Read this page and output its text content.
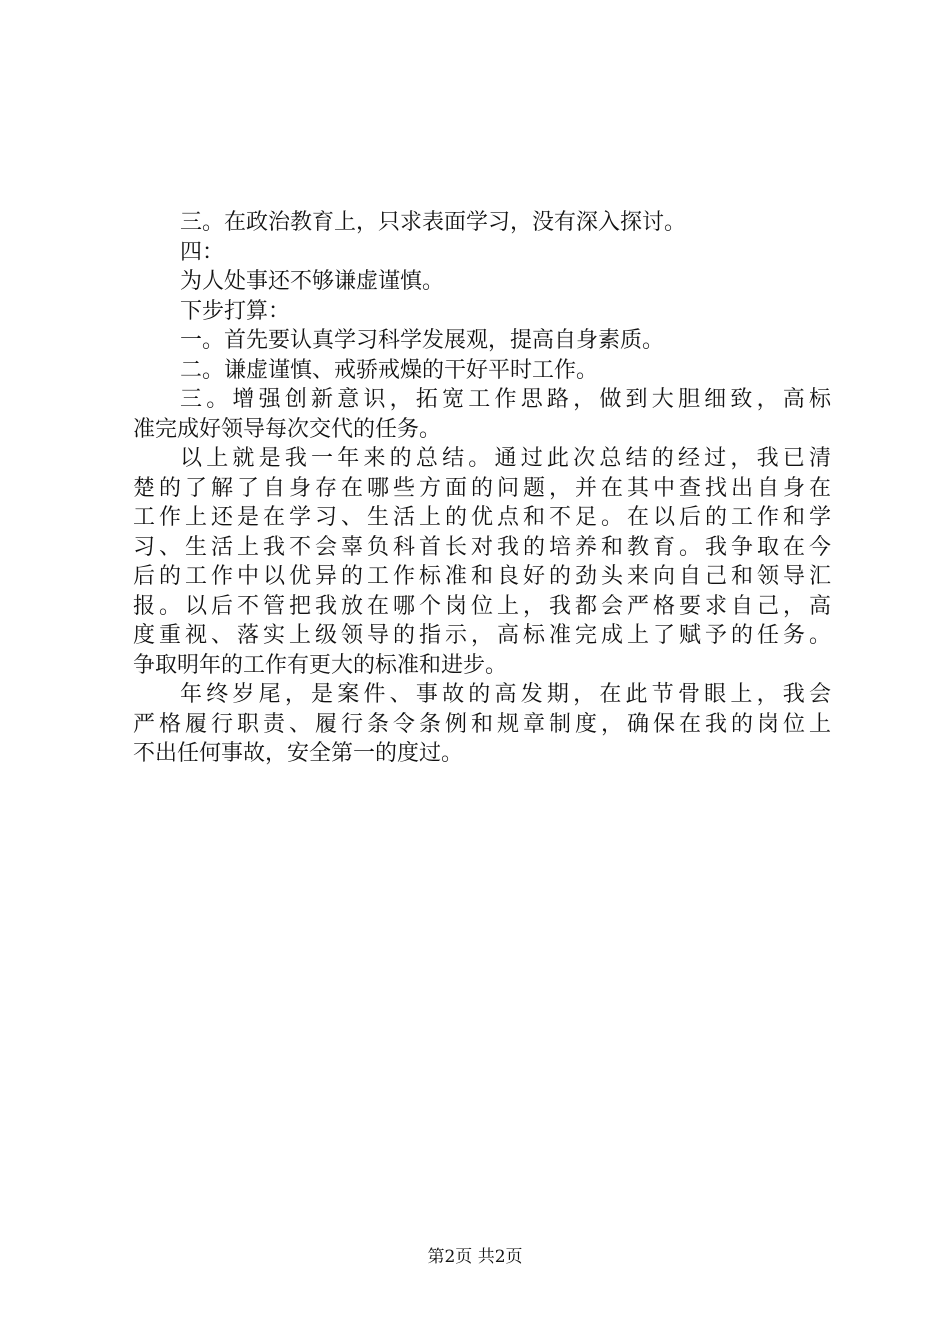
三。在政治教育上，只求表面学习，没有深入探讨。
四：
为人处事还不够谦虚谨慎。
下步打算：
一。首先要认真学习科学发展观，提高自身素质。
二。谦虚谨慎、戒骄戒燥的干好平时工作。
三。增强创新意识，拓宽工作思路，做到大胆细致，高标
准完成好领导每次交代的任务。
以上就是我一年来的总结。通过此次总结的经过，我已清
楚的了解了自身存在哪些方面的问题，并在其中查找出自身在
工作上还是在学习、生活上的优点和不足。在以后的工作和学
习、生活上我不会辜负科首长对我的培养和教育。我争取在今
后的工作中以优异的工作标准和良好的劲头来向自己和领导汇
报。以后不管把我放在哪个岗位上，我都会严格要求自己，高
度重视、落实上级领导的指示，高标准完成上了赋予的任务。
争取明年的工作有更大的标准和进步。
年终岁尾，是案件、事故的高发期，在此节骨眼上，我会
严格履行职责、履行条令条例和规章制度，确保在我的岗位上
不出任何事故，安全第一的度过。
第2页 共2页
